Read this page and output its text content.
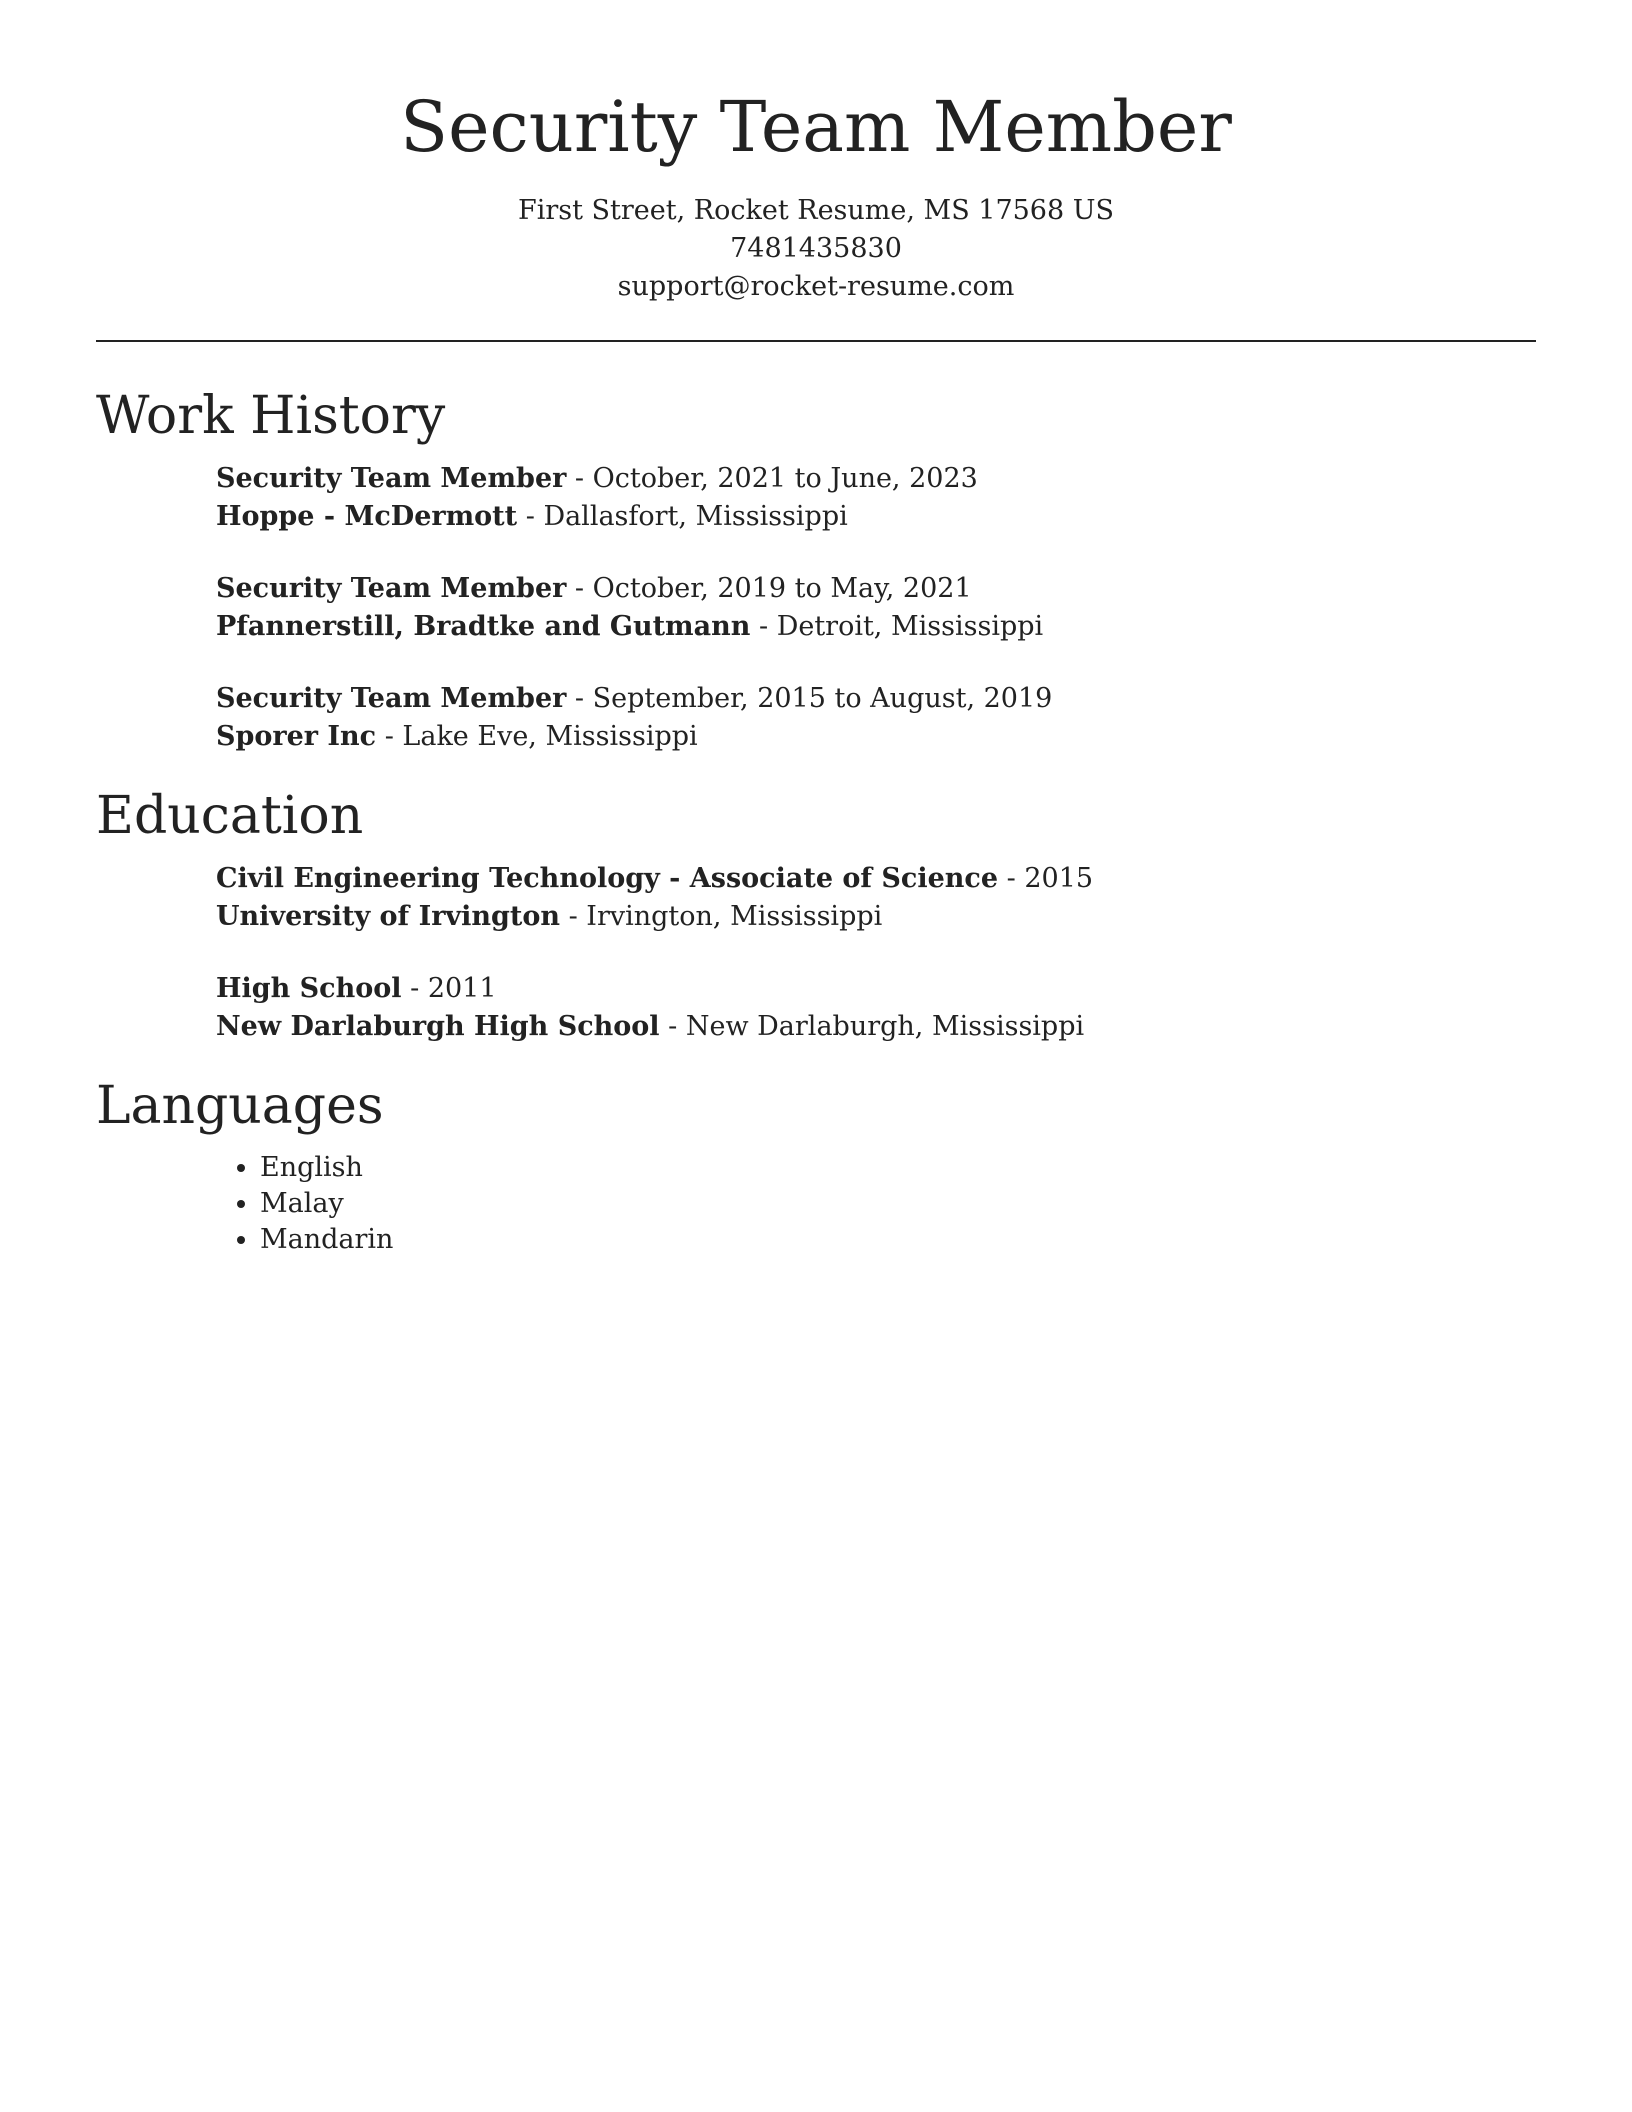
Security Team Member

First Street, Rocket Resume, MS 17568 US

7481435830

support@rocket-resume.com

Work History

Security Team Member - October, 2021 to June, 2023

Hoppe - McDermott - Dallasfort, Mississippi

Security Team Member - October, 2019 to May, 2021

Pfannerstill, Bradtke and Gutmann - Detroit, Mississippi

Security Team Member - September, 2015 to August, 2019

Sporer Inc - Lake Eve, Mississippi

Education

Civil Engineering Technology - Associate of Science - 2015

University of Irvington - Irvington, Mississippi

High School - 2011

New Darlaburgh High School - New Darlaburgh, Mississippi

Languages
• English
• Malay
• Mandarin
